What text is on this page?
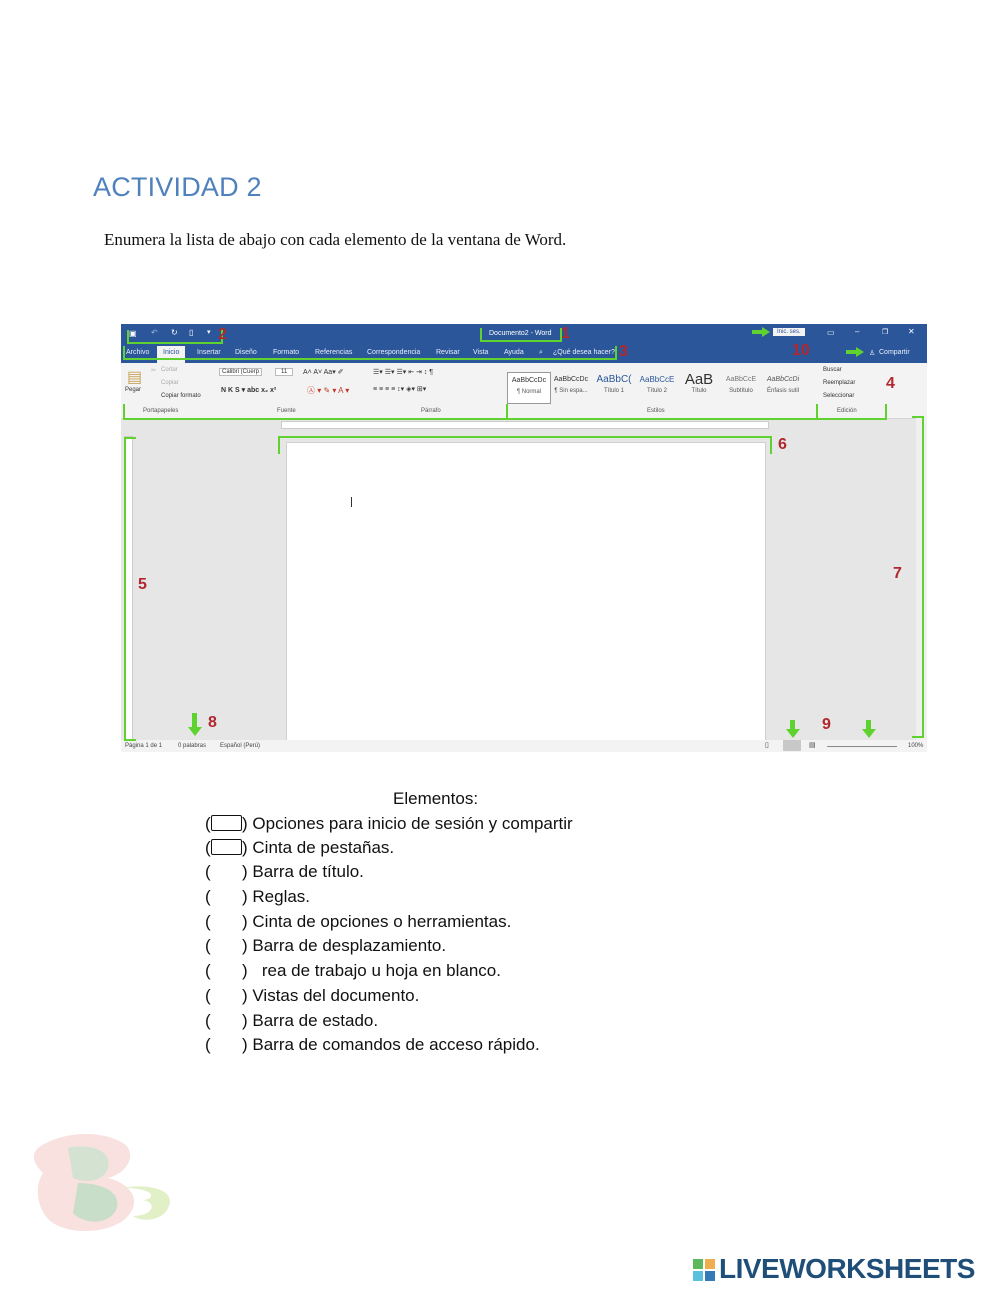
ACTIVIDAD 2
Enumera la lista de abajo con cada elemento de la ventana de Word.
▣ ↶ ↻ ▯ ▾	Documento2 - Word	Inic. ses.	▭	–	❐ ✕
Archivo	Inicio	Insertar Diseño Formato Referencias Correspondencia Revisar Vista Ayuda ⌕ ¿Qué desea hacer?	♙ Compartir
▤
Pegar
✂ Cortar
Copiar
Copiar formato
Portapapeles
Calibri (Cuerp	11	A˄ A˅ Aa▾ ✐
N K S ▾ abc x₂ x²	Ⓐ ▾ ✎ ▾ A ▾
Fuente
☰▾ ☰▾ ☰▾ ⇤ ⇥ ↕ ¶
≡ ≡ ≡ ≡ ↕▾ ◈▾ ⊞▾
Párrafo
AaBbCcDc
¶ Normal
AaBbCcDc
¶ Sin espa...
AaBbC(
Título 1
AaBbCcE
Título 2
AaB
Título
AaBbCcE
Subtítulo
AaBbCcDi
Énfasis sutil
Estilos
Buscar
Reemplazar
Seleccionar
Edición
Página 1 de 1	0 palabras Español (Perú)	▯	▤	100%
2	1
10
3
4
5
6
7
8	9
Elementos:
( ) Opciones para inicio de sesión y compartir
( ) Cinta de pestañas.
( ) Barra de título.
( ) Reglas.
( ) Cinta de opciones o herramientas.
( ) Barra de desplazamiento.
( )   rea de trabajo u hoja en blanco.
( ) Vistas del documento.
( ) Barra de estado.
( ) Barra de comandos de acceso rápido.
LIVEWORKSHEETS
